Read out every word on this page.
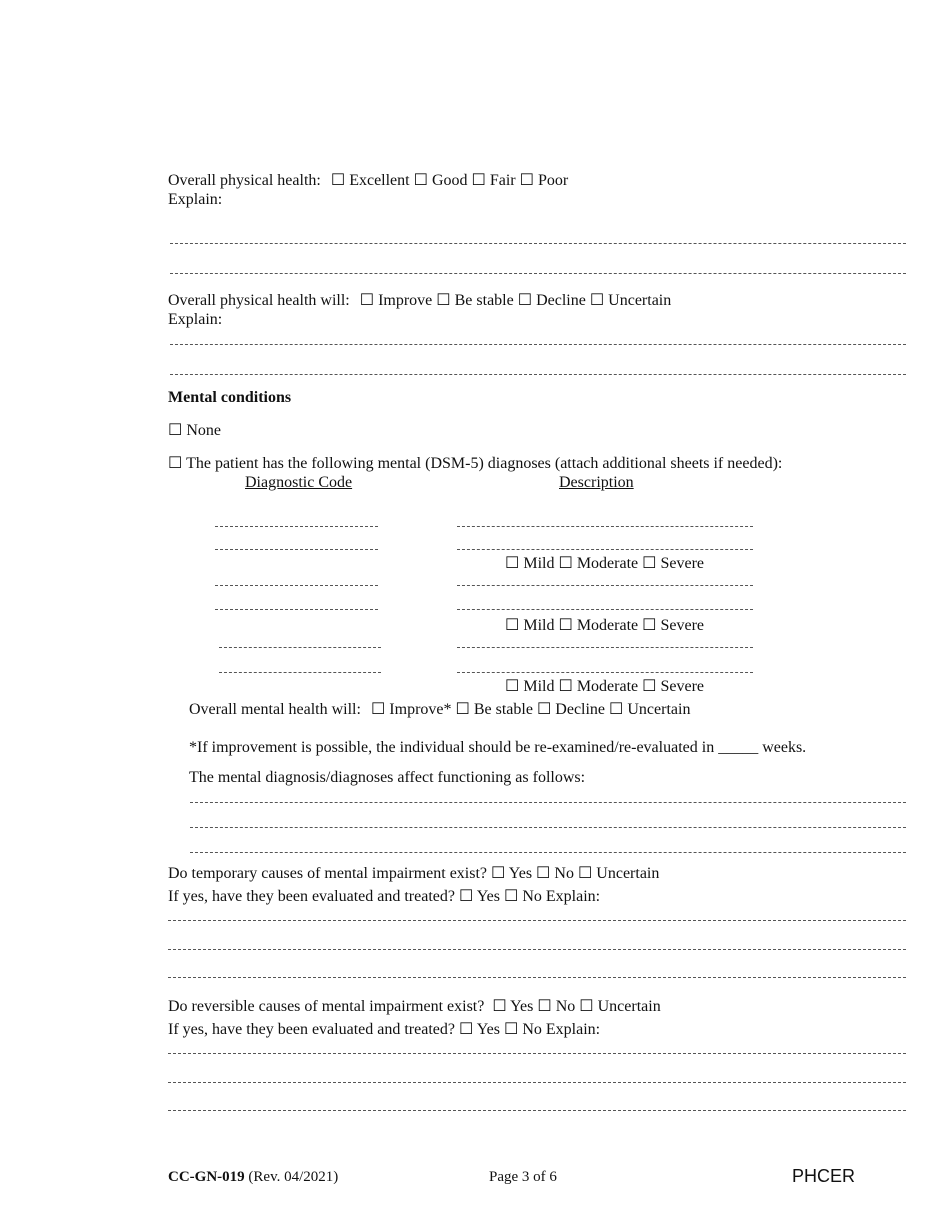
Overall physical health: ☐ Excellent ☐ Good ☐ Fair ☐ Poor
Explain:
Overall physical health will: ☐ Improve ☐ Be stable ☐ Decline ☐ Uncertain
Explain:
Mental conditions
☐ None
☐ The patient has the following mental (DSM-5) diagnoses (attach additional sheets if needed):
Diagnostic Code	Description
☐ Mild ☐ Moderate ☐ Severe
☐ Mild ☐ Moderate ☐ Severe
☐ Mild ☐ Moderate ☐ Severe
Overall mental health will: ☐ Improve* ☐ Be stable ☐ Decline ☐ Uncertain
*If improvement is possible, the individual should be re-examined/re-evaluated in _____ weeks.
The mental diagnosis/diagnoses affect functioning as follows:
Do temporary causes of mental impairment exist? ☐ Yes ☐ No ☐ Uncertain
If yes, have they been evaluated and treated? ☐ Yes ☐ No Explain:
Do reversible causes of mental impairment exist? ☐ Yes ☐ No ☐ Uncertain
If yes, have they been evaluated and treated? ☐ Yes ☐ No Explain:
CC-GN-019 (Rev. 04/2021)	Page 3 of 6	PHCER
